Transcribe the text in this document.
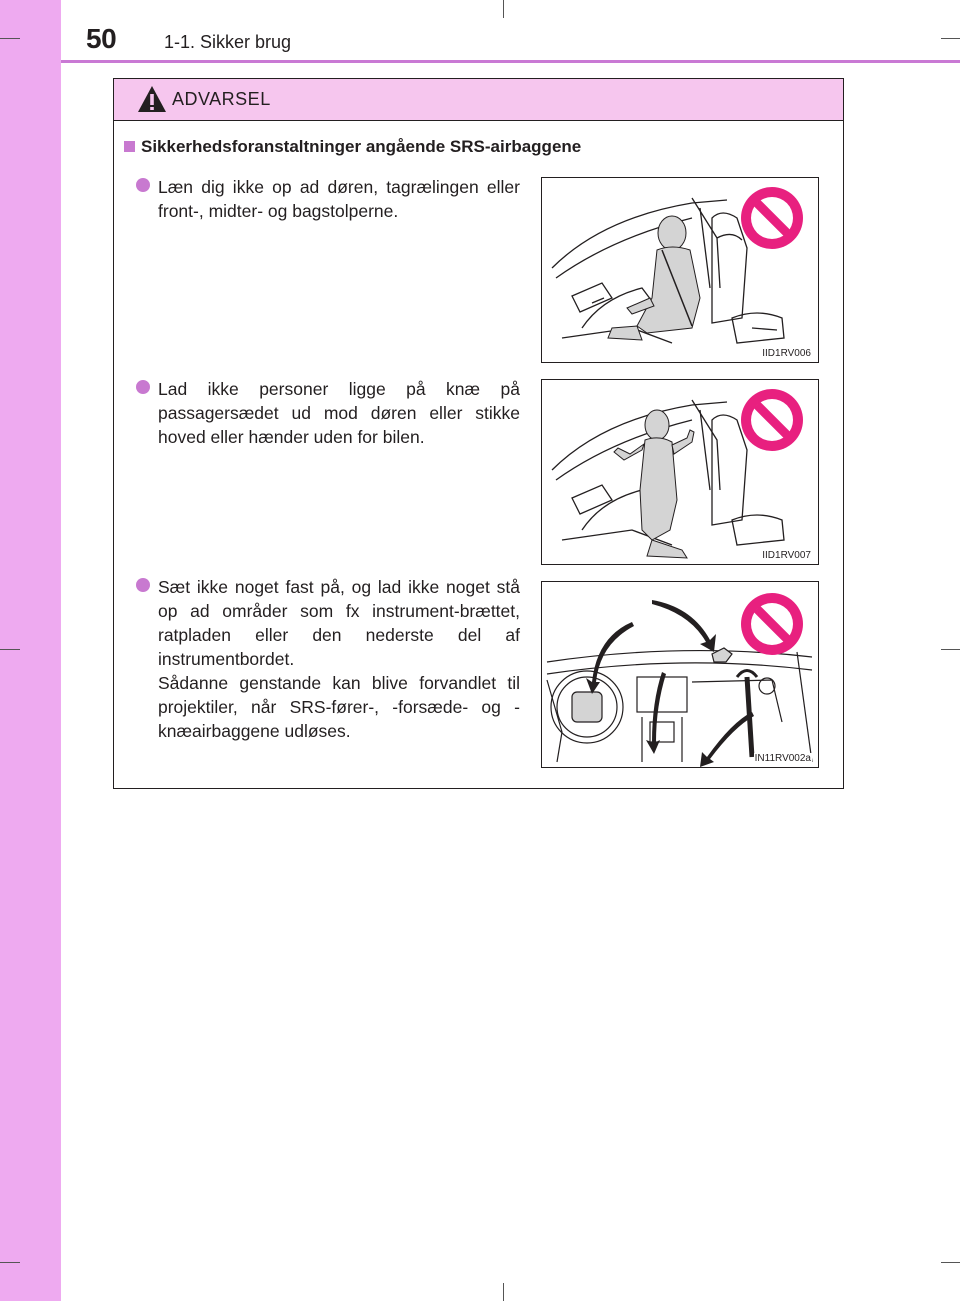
50	1-1. Sikker brug
ADVARSEL
Sikkerhedsforanstaltninger angående SRS-airbaggene

Læn dig ikke op ad døren, tagrælingen eller front-, midter- og bagstolperne.

IID1RV006

Lad ikke personer ligge på knæ på passagersædet ud mod døren eller stikke hoved eller hænder uden for bilen.

IID1RV007

Sæt ikke noget fast på, og lad ikke noget stå op ad områder som fx instrument-brættet, ratpladen eller den nederste del af instrumentbordet.

Sådanne genstande kan blive forvandlet til projektiler, når SRS-fører-, -forsæde- og -knæairbaggene udløses.

IN11RV002a
